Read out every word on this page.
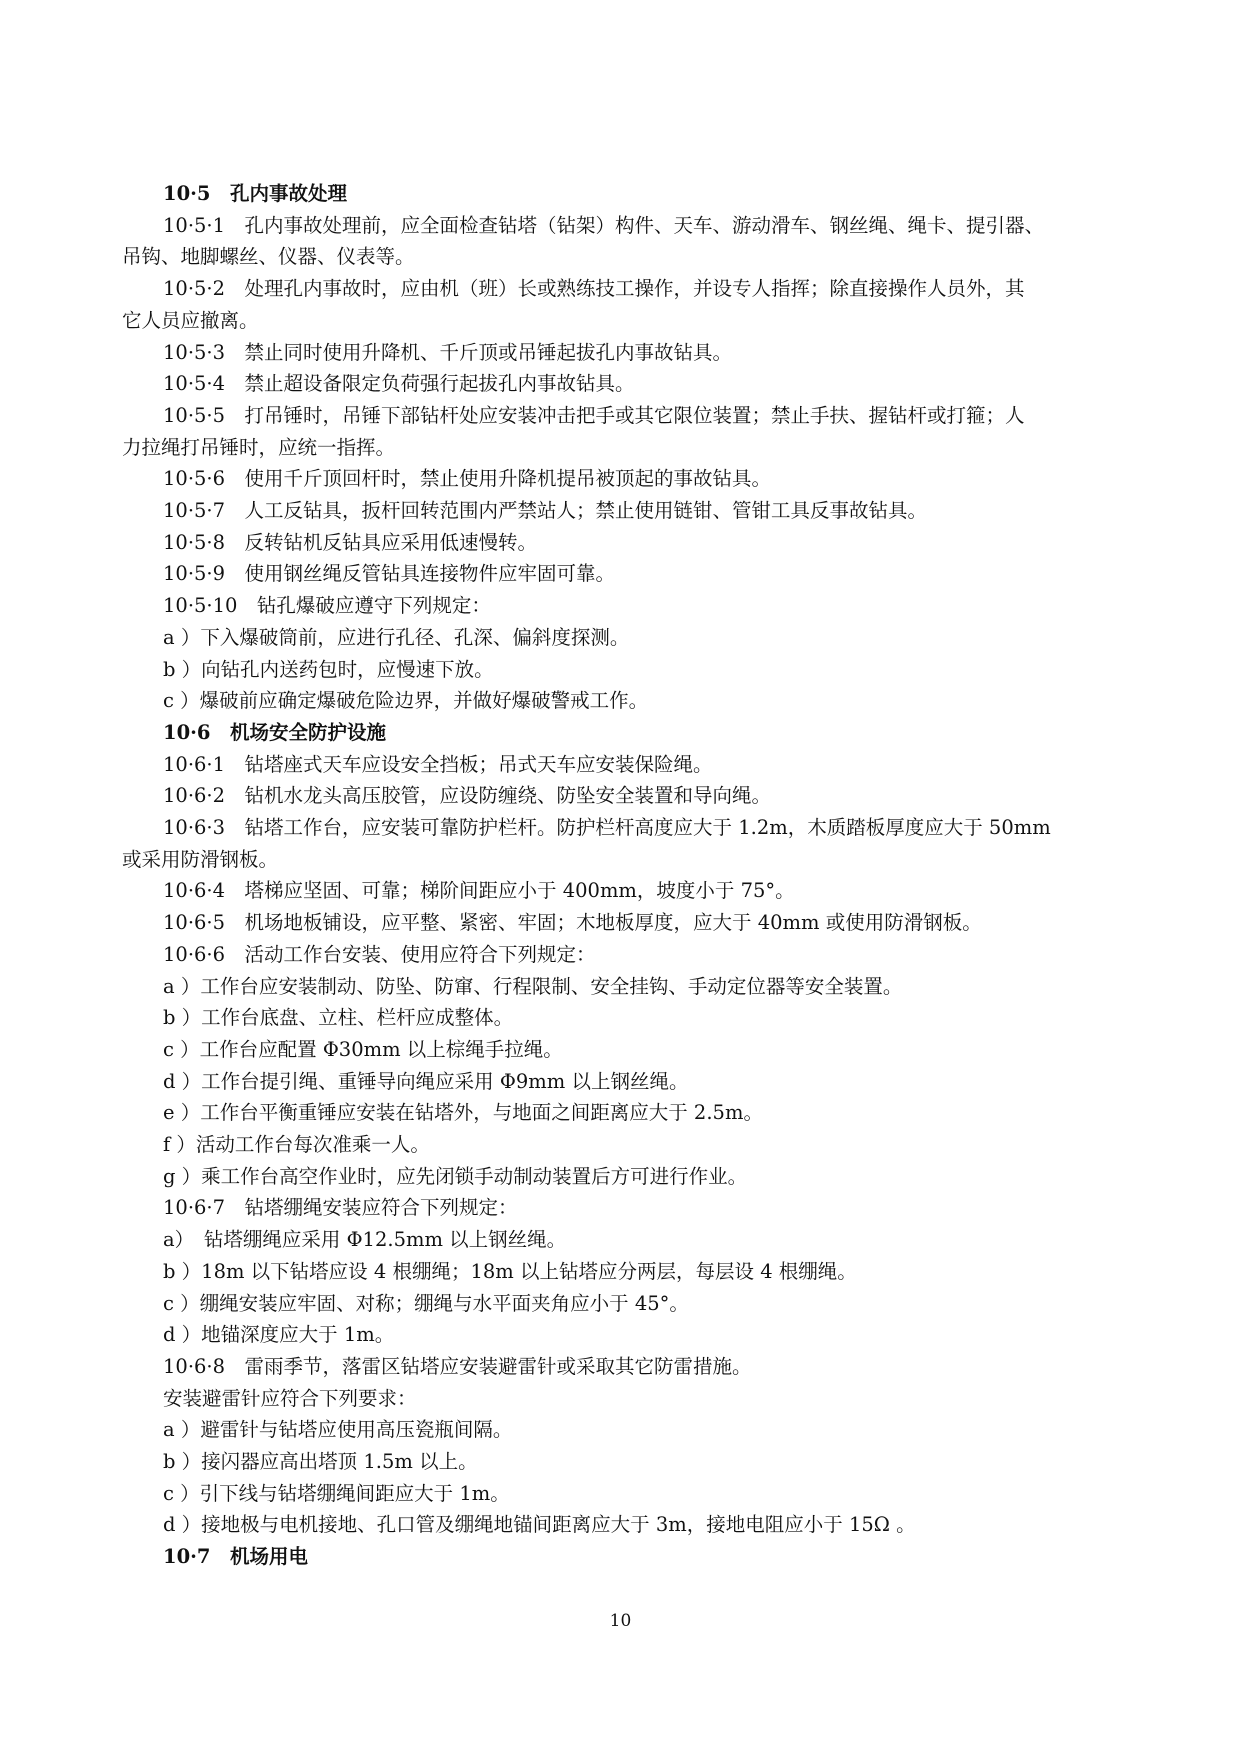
10·5　孔内事故处理
10·5·1　孔内事故处理前，应全面检查钻塔（钻架）构件、天车、游动滑车、钢丝绳、绳卡、提引器、
吊钩、地脚螺丝、仪器、仪表等。
10·5·2　处理孔内事故时，应由机（班）长或熟练技工操作，并设专人指挥；除直接操作人员外，其
它人员应撤离。
10·5·3　禁止同时使用升降机、千斤顶或吊锤起拔孔内事故钻具。
10·5·4　禁止超设备限定负荷强行起拔孔内事故钻具。
10·5·5　打吊锤时，吊锤下部钻杆处应安装冲击把手或其它限位装置；禁止手扶、握钻杆或打箍；人
力拉绳打吊锤时，应统一指挥。
10·5·6　使用千斤顶回杆时，禁止使用升降机提吊被顶起的事故钻具。
10·5·7　人工反钻具，扳杆回转范围内严禁站人；禁止使用链钳、管钳工具反事故钻具。
10·5·8　反转钻机反钻具应采用低速慢转。
10·5·9　使用钢丝绳反管钻具连接物件应牢固可靠。
10·5·10　钻孔爆破应遵守下列规定：
a ）下入爆破筒前，应进行孔径、孔深、偏斜度探测。
b ）向钻孔内送药包时，应慢速下放。
c ）爆破前应确定爆破危险边界，并做好爆破警戒工作。
10·6　机场安全防护设施
10·6·1　钻塔座式天车应设安全挡板；吊式天车应安装保险绳。
10·6·2　钻机水龙头高压胶管，应设防缠绕、防坠安全装置和导向绳。
10·6·3　钻塔工作台，应安装可靠防护栏杆。防护栏杆高度应大于 1.2m，木质踏板厚度应大于 50mm
或采用防滑钢板。
10·6·4　塔梯应坚固、可靠；梯阶间距应小于 400mm，坡度小于 75°。
10·6·5　机场地板铺设，应平整、紧密、牢固；木地板厚度，应大于 40mm 或使用防滑钢板。
10·6·6　活动工作台安装、使用应符合下列规定：
a ）工作台应安装制动、防坠、防窜、行程限制、安全挂钩、手动定位器等安全装置。
b ）工作台底盘、立柱、栏杆应成整体。
c ）工作台应配置 Φ30mm 以上棕绳手拉绳。
d ）工作台提引绳、重锤导向绳应采用 Φ9mm 以上钢丝绳。
e ）工作台平衡重锤应安装在钻塔外，与地面之间距离应大于 2.5m。
f ）活动工作台每次准乘一人。
g ）乘工作台高空作业时，应先闭锁手动制动装置后方可进行作业。
10·6·7　钻塔绷绳安装应符合下列规定：
a）　钻塔绷绳应采用 Φ12.5mm 以上钢丝绳。
b ）18m 以下钻塔应设 4 根绷绳；18m 以上钻塔应分两层，每层设 4 根绷绳。
c ）绷绳安装应牢固、对称；绷绳与水平面夹角应小于 45°。
d ）地锚深度应大于 1m。
10·6·8　雷雨季节，落雷区钻塔应安装避雷针或采取其它防雷措施。
安装避雷针应符合下列要求：
a ）避雷针与钻塔应使用高压瓷瓶间隔。
b ）接闪器应高出塔顶 1.5m 以上。
c ）引下线与钻塔绷绳间距应大于 1m。
d ）接地极与电机接地、孔口管及绷绳地锚间距离应大于 3m，接地电阻应小于 15Ω 。
10·7　机场用电
10
